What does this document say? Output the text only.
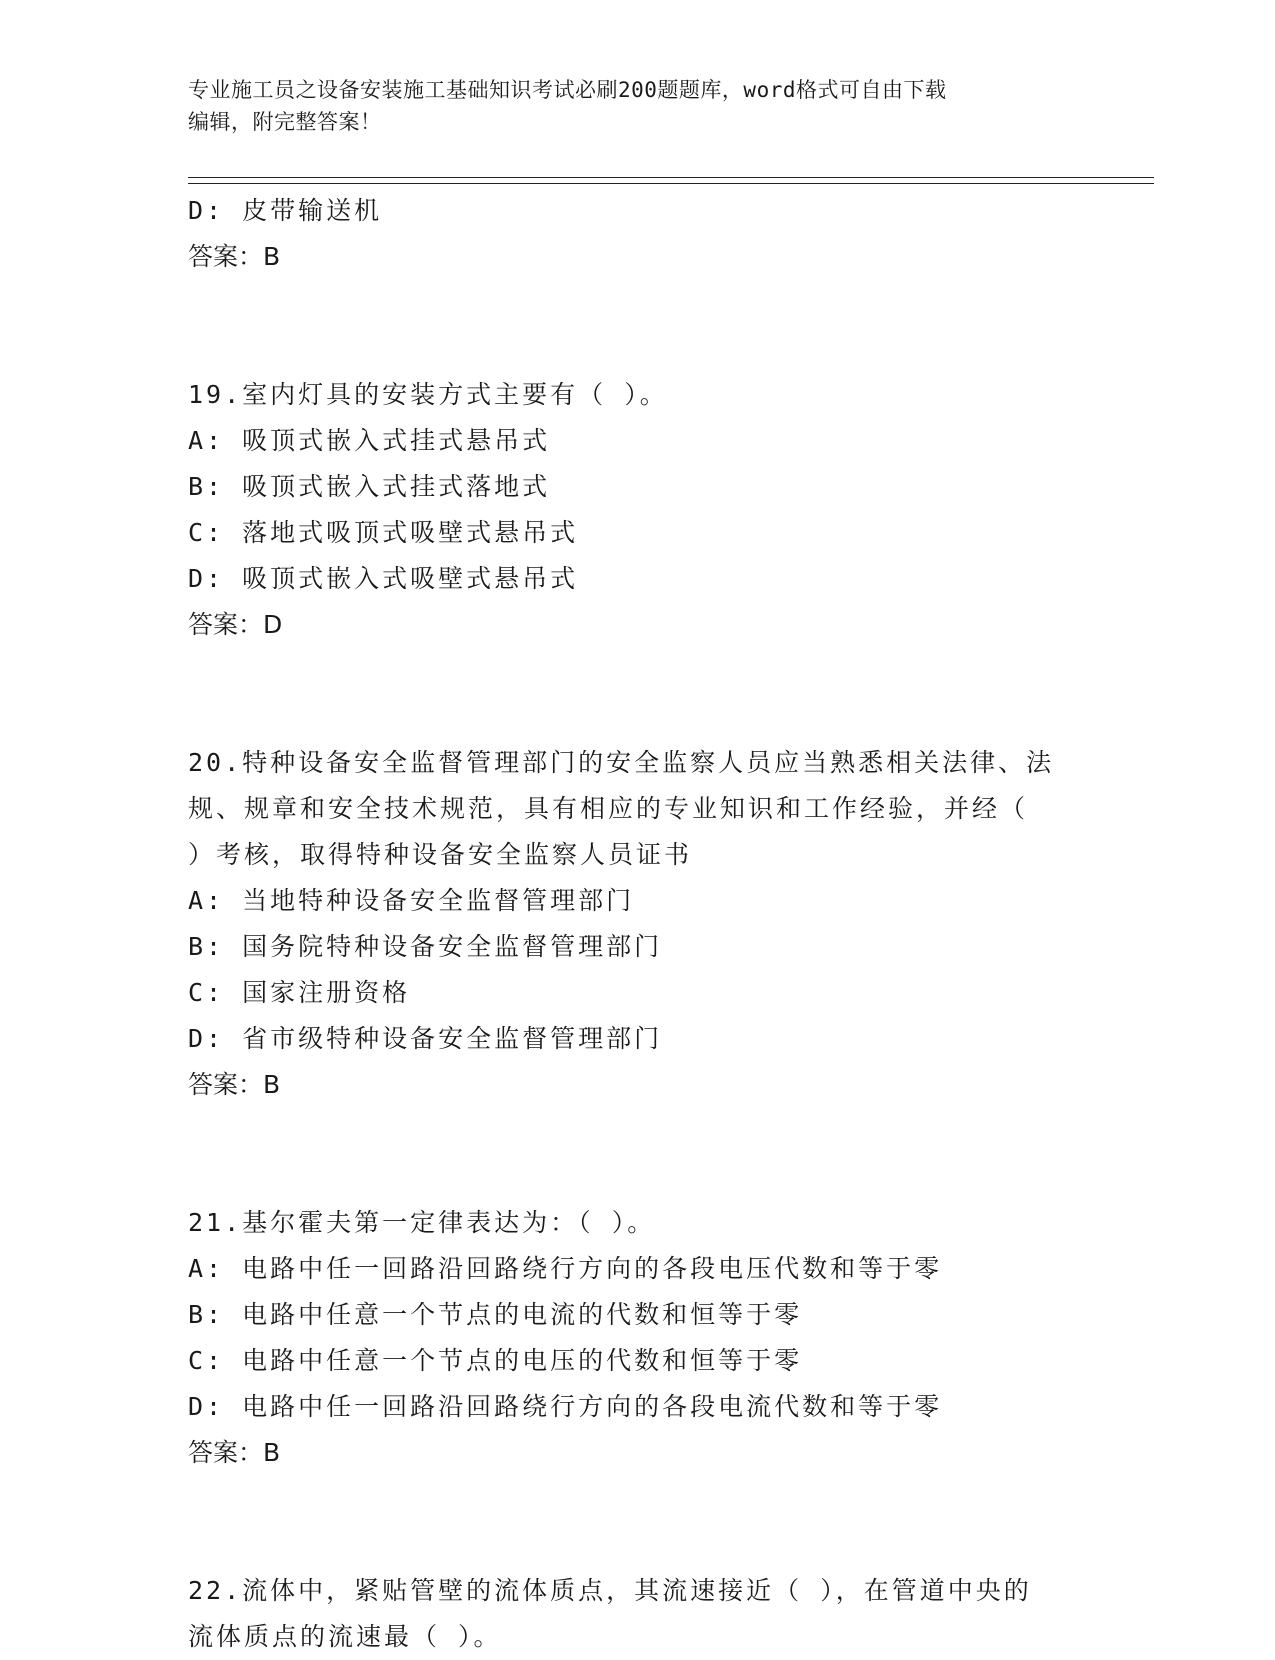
专业施工员之设备安装施工基础知识考试必刷200题题库，word格式可自由下载
编辑，附完整答案！
D: 皮带输送机
答案：B
19.室内灯具的安装方式主要有（ ）。
A: 吸顶式嵌入式挂式悬吊式
B: 吸顶式嵌入式挂式落地式
C: 落地式吸顶式吸壁式悬吊式
D: 吸顶式嵌入式吸壁式悬吊式
答案：D
20.特种设备安全监督管理部门的安全监察人员应当熟悉相关法律、法
规、规章和安全技术规范，具有相应的专业知识和工作经验，并经（
）考核，取得特种设备安全监察人员证书
A: 当地特种设备安全监督管理部门
B: 国务院特种设备安全监督管理部门
C: 国家注册资格
D: 省市级特种设备安全监督管理部门
答案：B
21.基尔霍夫第一定律表达为：（ ）。
A: 电路中任一回路沿回路绕行方向的各段电压代数和等于零
B: 电路中任意一个节点的电流的代数和恒等于零
C: 电路中任意一个节点的电压的代数和恒等于零
D: 电路中任一回路沿回路绕行方向的各段电流代数和等于零
答案：B
22.流体中，紧贴管壁的流体质点，其流速接近（ ），在管道中央的
流体质点的流速最（ ）。
